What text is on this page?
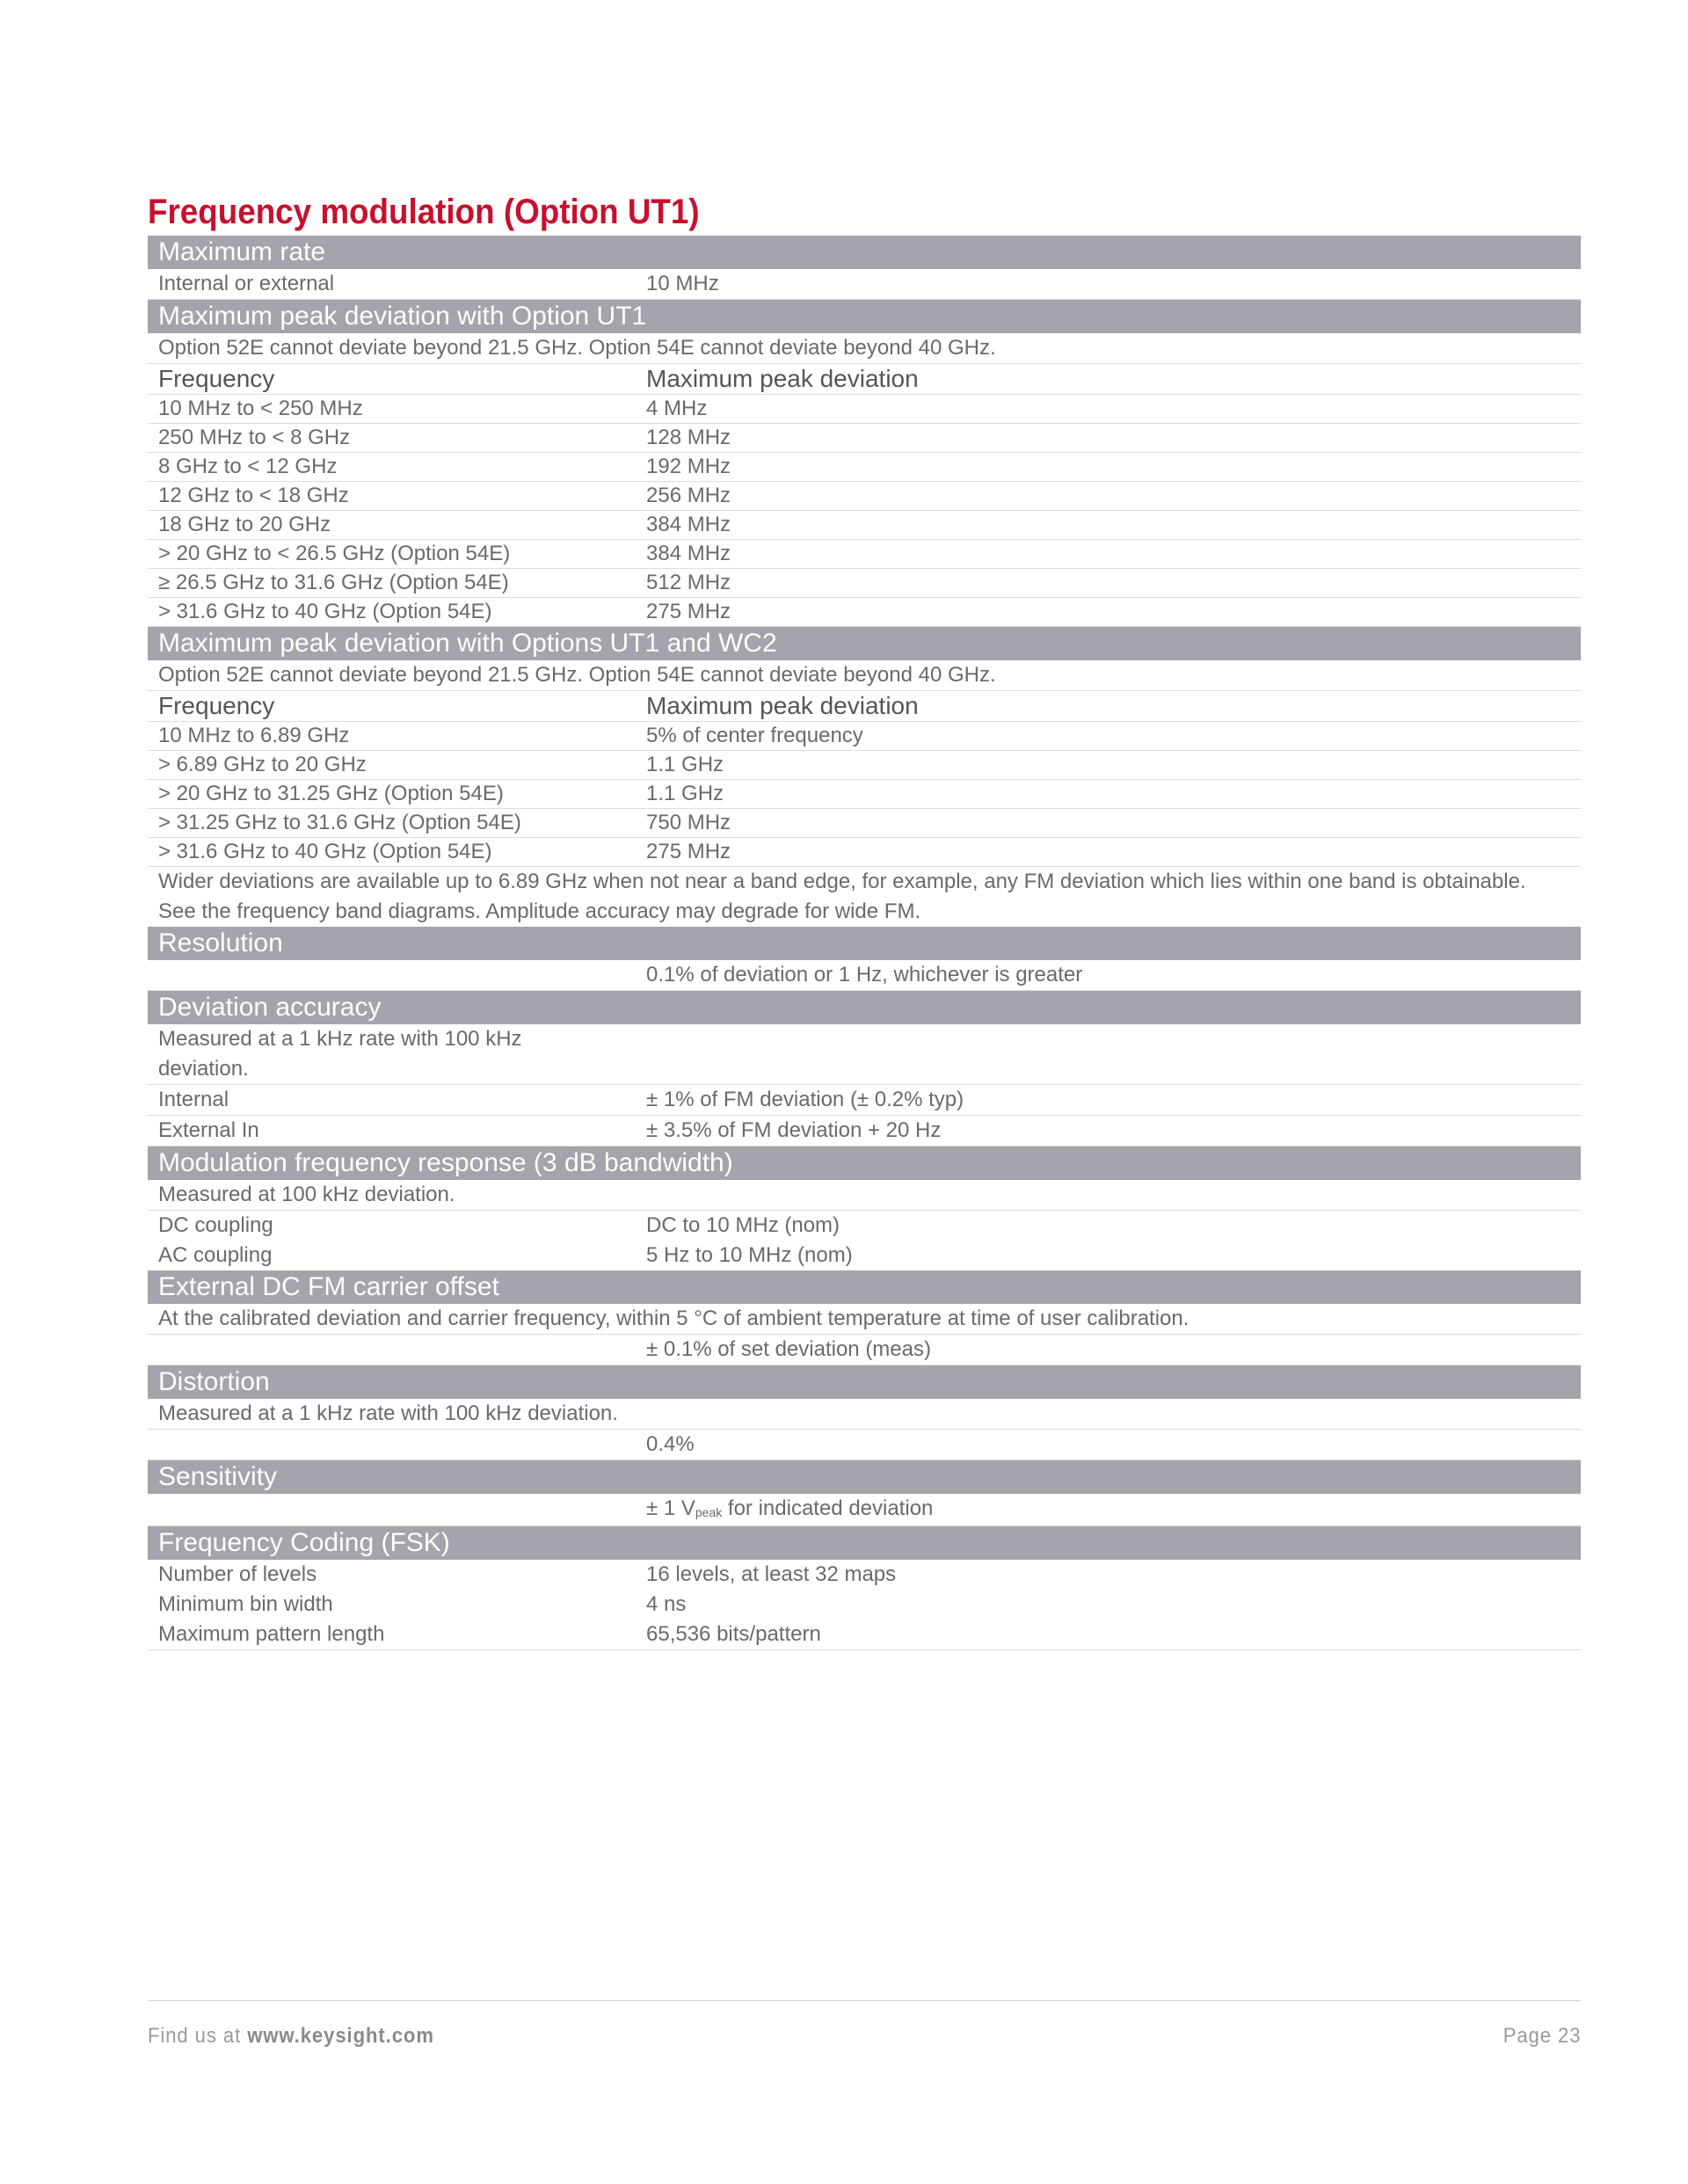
Frequency modulation (Option UT1)
Maximum rate
Internal or external	10 MHz
Maximum peak deviation with Option UT1
Option 52E cannot deviate beyond 21.5 GHz. Option 54E cannot deviate beyond 40 GHz.
Frequency	Maximum peak deviation
10 MHz to < 250 MHz	4 MHz
250 MHz to < 8 GHz	128 MHz
8 GHz to < 12 GHz	192 MHz
12 GHz to < 18 GHz	256 MHz
18 GHz to 20 GHz	384 MHz
> 20 GHz to < 26.5 GHz (Option 54E)	384 MHz
≥ 26.5 GHz to 31.6 GHz (Option 54E)	512 MHz
> 31.6 GHz to 40 GHz (Option 54E)	275 MHz
Maximum peak deviation with Options UT1 and WC2
Option 52E cannot deviate beyond 21.5 GHz. Option 54E cannot deviate beyond 40 GHz.
Frequency	Maximum peak deviation
10 MHz to 6.89 GHz	5% of center frequency
> 6.89 GHz to 20 GHz	1.1 GHz
> 20 GHz to 31.25 GHz (Option 54E)	1.1 GHz
> 31.25 GHz to 31.6 GHz (Option 54E)	750 MHz
> 31.6 GHz to 40 GHz (Option 54E)	275 MHz
Wider deviations are available up to 6.89 GHz when not near a band edge, for example, any FM deviation which lies within one band is obtainable. See the frequency band diagrams. Amplitude accuracy may degrade for wide FM.
Resolution
0.1% of deviation or 1 Hz, whichever is greater
Deviation accuracy
Measured at a 1 kHz rate with 100 kHz
deviation.
Internal	± 1% of FM deviation (± 0.2% typ)
External In	± 3.5% of FM deviation + 20 Hz
Modulation frequency response (3 dB bandwidth)
Measured at 100 kHz deviation.
DC coupling	DC to 10 MHz (nom)
AC coupling	5 Hz to 10 MHz (nom)
External DC FM carrier offset
At the calibrated deviation and carrier frequency, within 5 °C of ambient temperature at time of user calibration.
± 0.1% of set deviation (meas)
Distortion
Measured at a 1 kHz rate with 100 kHz deviation.
0.4%
Sensitivity
± 1 $V_{peak}$ for indicated deviation
Frequency Coding (FSK)
Number of levels	16 levels, at least 32 maps
Minimum bin width	4 ns
Maximum pattern length	65,536 bits/pattern
Find us at www.keysight.com	Page 23
